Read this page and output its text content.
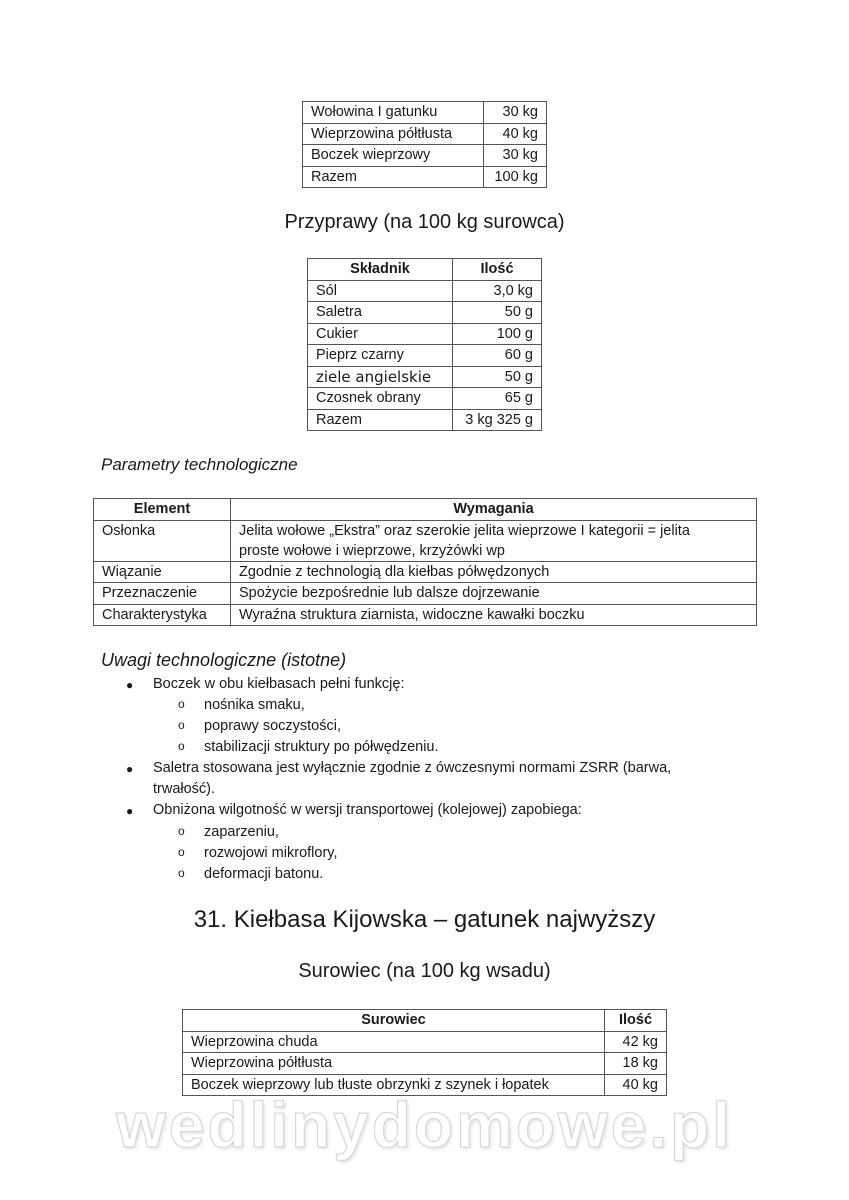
Wołowina I gatunku	30 kg
Wieprzowina półtłusta	40 kg
Boczek wieprzowy	30 kg
Razem	100 kg
Przyprawy (na 100 kg surowca)
Składnik	Ilość
Sól	3,0 kg
Saletra	50 g
Cukier	100 g
Pieprz czarny	60 g
ziele angielskie	50 g
Czosnek obrany	65 g
Razem	3 kg 325 g
Parametry technologiczne
Element	Wymagania
Osłonka	Jelita wołowe „Ekstra” oraz szerokie jelita wieprzowe I kategorii = jelita proste wołowe i wieprzowe, krzyżówki wp
Wiązanie	Zgodnie z technologią dla kiełbas półwędzonych
Przeznaczenie	Spożycie bezpośrednie lub dalsze dojrzewanie
Charakterystyka	Wyraźna struktura ziarnista, widoczne kawałki boczku
Uwagi technologiczne (istotne)
● Boczek w obu kiełbasach pełni funkcję:
o nośnika smaku,
o poprawy soczystości,
o stabilizacji struktury po półwędzeniu.
● Saletra stosowana jest wyłącznie zgodnie z ówczesnymi normami ZSRR (barwa,
trwałość).
● Obniżona wilgotność w wersji transportowej (kolejowej) zapobiega:
o zaparzeniu,
o rozwojowi mikroflory,
o deformacji batonu.
31. Kiełbasa Kijowska – gatunek najwyższy
Surowiec (na 100 kg wsadu)
Surowiec	Ilość
Wieprzowina chuda	42 kg
Wieprzowina półtłusta	18 kg
Boczek wieprzowy lub tłuste obrzynki z szynek i łopatek	40 kg
wedlinydomowe.pl
